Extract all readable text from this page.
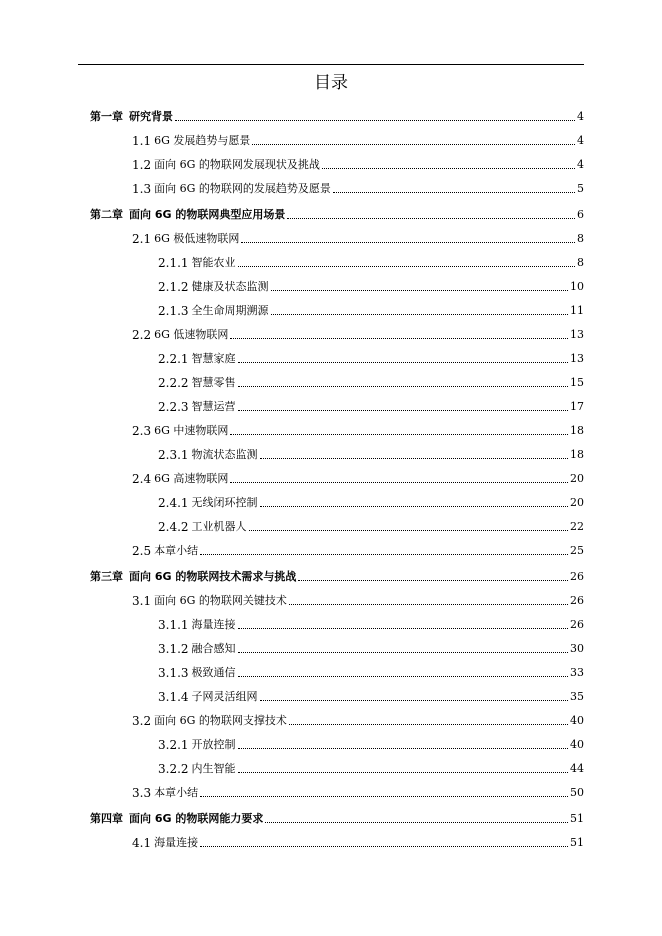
目录
第一章 研究背景	4
1.1 6G 发展趋势与愿景	4
1.2 面向 6G 的物联网发展现状及挑战	4
1.3 面向 6G 的物联网的发展趋势及愿景	5
第二章 面向 6G 的物联网典型应用场景	6
2.1 6G 极低速物联网	8
2.1.1 智能农业	8
2.1.2 健康及状态监测	10
2.1.3 全生命周期溯源	11
2.2 6G 低速物联网	13
2.2.1 智慧家庭	13
2.2.2 智慧零售	15
2.2.3 智慧运营	17
2.3 6G 中速物联网	18
2.3.1 物流状态监测	18
2.4 6G 高速物联网	20
2.4.1 无线闭环控制	20
2.4.2 工业机器人	22
2.5 本章小结	25
第三章 面向 6G 的物联网技术需求与挑战	26
3.1 面向 6G 的物联网关键技术	26
3.1.1 海量连接	26
3.1.2 融合感知	30
3.1.3 极致通信	33
3.1.4 子网灵活组网	35
3.2 面向 6G 的物联网支撑技术	40
3.2.1 开放控制	40
3.2.2 内生智能	44
3.3 本章小结	50
第四章 面向 6G 的物联网能力要求	51
4.1 海量连接	51
